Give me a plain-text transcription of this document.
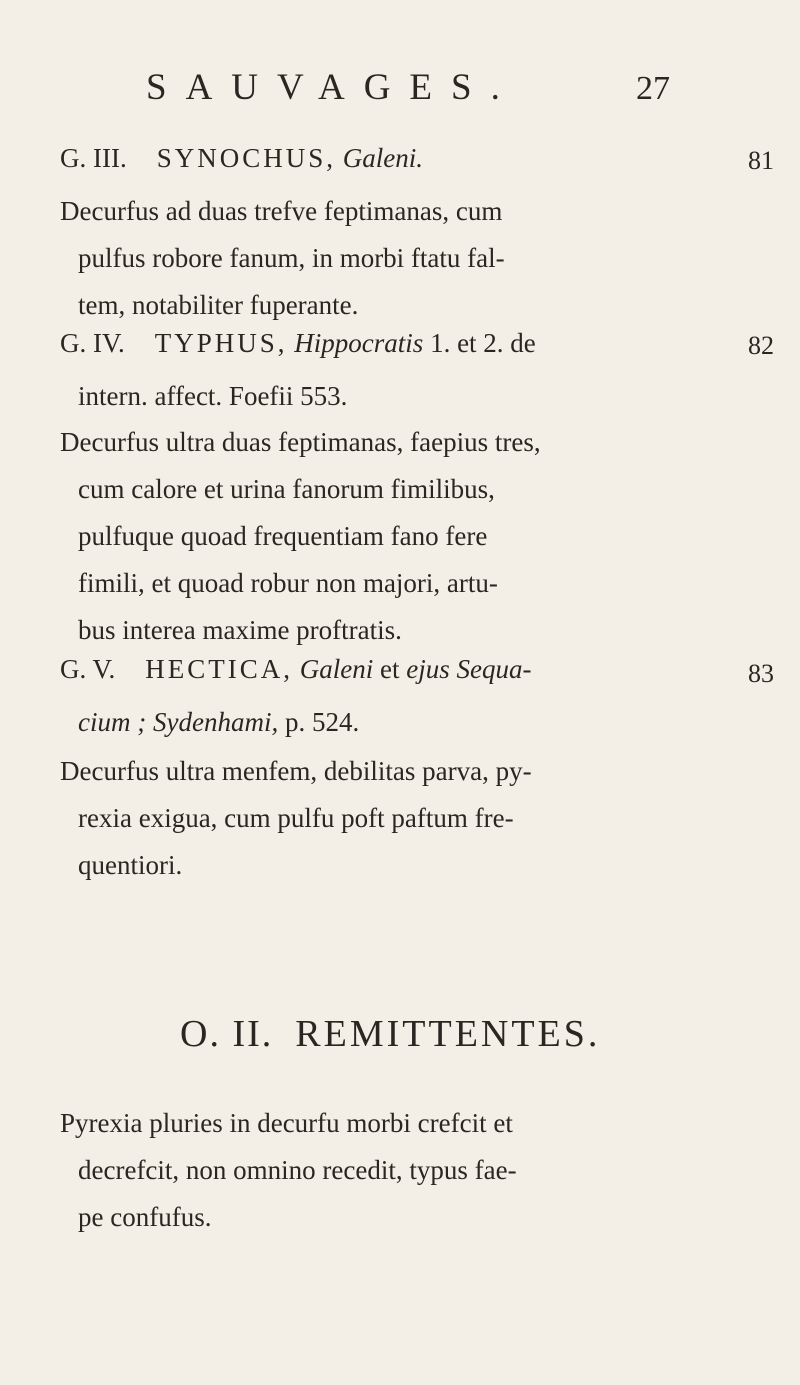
SAUVAGES.	27
G. III. SYNOCHUS, Galeni.	81
Decurfus ad duas trefve feptimanas, cum
pulfus robore fanum, in morbi ftatu fal-
tem, notabiliter fuperante.
G. IV. TYPHUS, Hippocratis 1. et 2. de	82
intern. affect. Foefii 553.
Decurfus ultra duas feptimanas, faepius tres,
cum calore et urina fanorum fimilibus,
pulfuque quoad frequentiam fano fere
fimili, et quoad robur non majori, artu-
bus interea maxime proftratis.
G. V. HECTICA, Galeni et ejus Sequa-	83
cium ; Sydenhami, p. 524.
Decurfus ultra menfem, debilitas parva, py-
rexia exigua, cum pulfu poft paftum fre-
quentiori.
O. II. REMITTENTES.
Pyrexia pluries in decurfu morbi crefcit et
decrefcit, non omnino recedit, typus fae-
pe confufus.
